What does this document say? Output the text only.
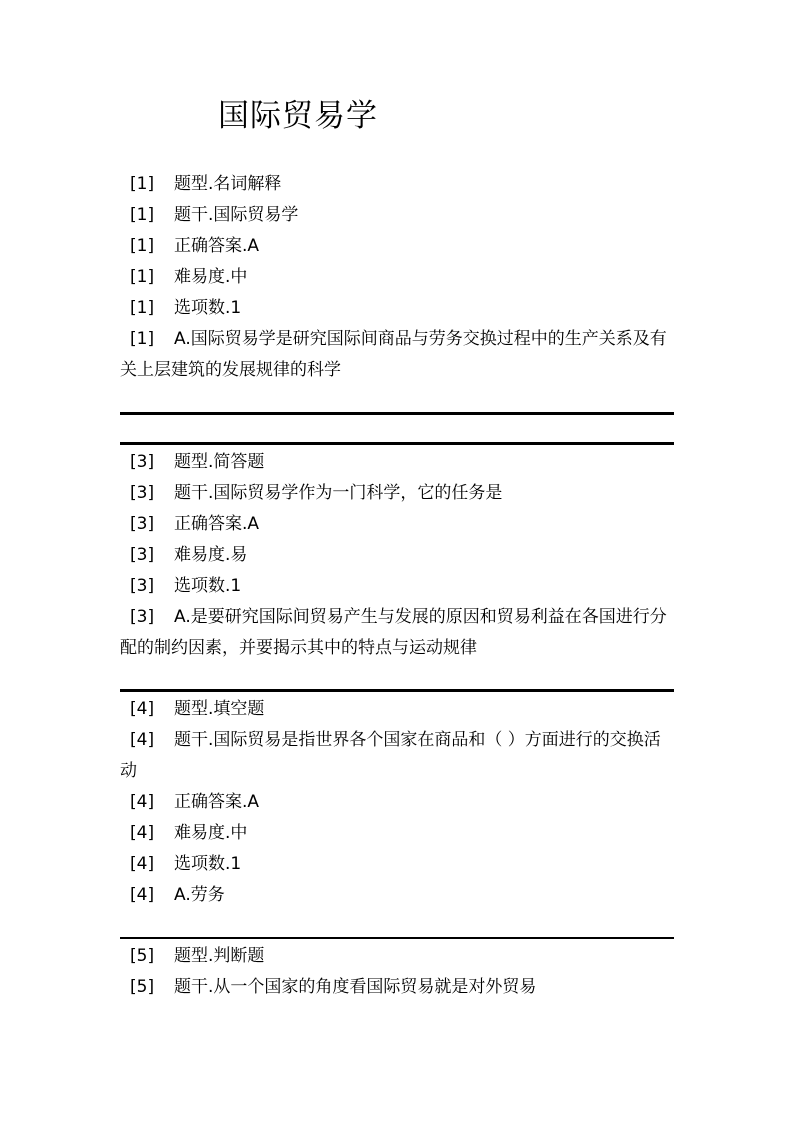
国际贸易学
[1] 题型.名词解释
[1] 题干.国际贸易学
[1] 正确答案.A
[1] 难易度.中
[1] 选项数.1
[1] A.国际贸易学是研究国际间商品与劳务交换过程中的生产关系及有关上层建筑的发展规律的科学
[3] 题型.简答题
[3] 题干.国际贸易学作为一门科学，它的任务是
[3] 正确答案.A
[3] 难易度.易
[3] 选项数.1
[3] A.是要研究国际间贸易产生与发展的原因和贸易利益在各国进行分配的制约因素，并要揭示其中的特点与运动规律
[4] 题型.填空题
[4] 题干.国际贸易是指世界各个国家在商品和（ ）方面进行的交换活动
[4] 正确答案.A
[4] 难易度.中
[4] 选项数.1
[4] A.劳务
[5] 题型.判断题
[5] 题干.从一个国家的角度看国际贸易就是对外贸易
